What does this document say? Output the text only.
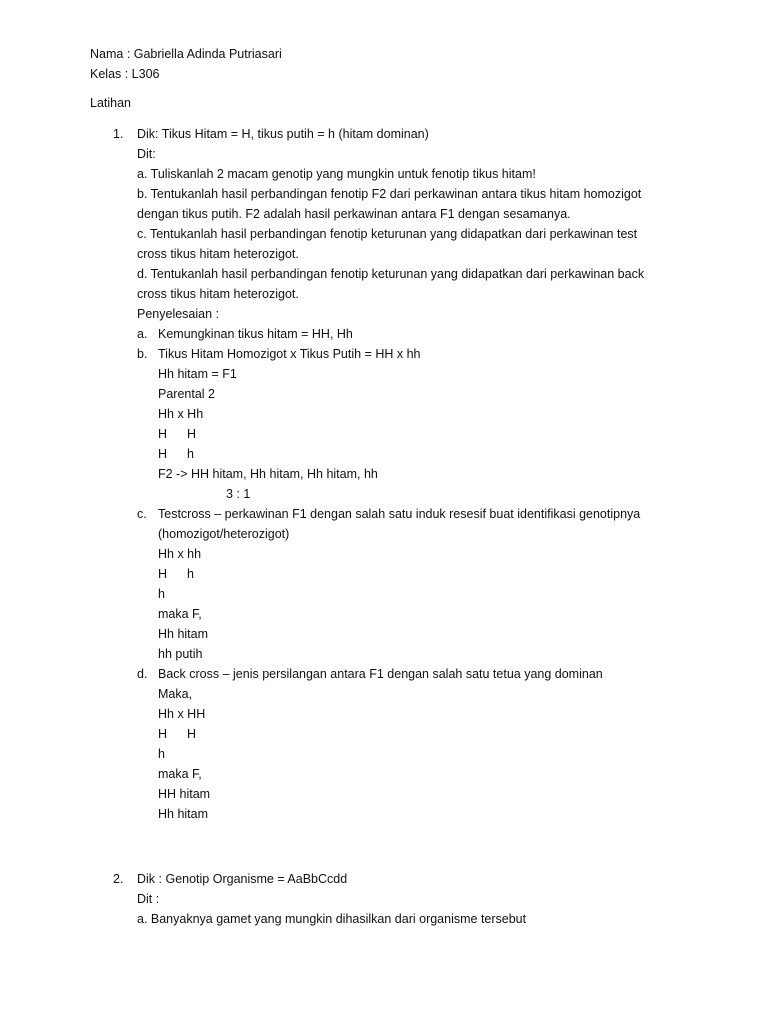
Nama : Gabriella Adinda Putriasari
Kelas : L306
Latihan
1. Dik: Tikus Hitam = H, tikus putih = h (hitam dominan)
Dit:
a. Tuliskanlah 2 macam genotip yang mungkin untuk fenotip tikus hitam!
b. Tentukanlah hasil perbandingan fenotip F2 dari perkawinan antara tikus hitam homozigot
dengan tikus putih. F2 adalah hasil perkawinan antara F1 dengan sesamanya.
c. Tentukanlah hasil perbandingan fenotip keturunan yang didapatkan dari perkawinan test
cross tikus hitam heterozigot.
d. Tentukanlah hasil perbandingan fenotip keturunan yang didapatkan dari perkawinan back
cross tikus hitam heterozigot.
Penyelesaian :
a. Kemungkinan tikus hitam = HH, Hh
b. Tikus Hitam Homozigot x Tikus Putih = HH x hh
Hh hitam = F1
Parental 2
Hh x Hh
H H
H h
F2 -> HH hitam, Hh hitam, Hh hitam, hh
3 : 1
c. Testcross – perkawinan F1 dengan salah satu induk resesif buat identifikasi genotipnya
(homozigot/heterozigot)
Hh x hh
H h
h
maka F,
Hh hitam
hh putih
d. Back cross – jenis persilangan antara F1 dengan salah satu tetua yang dominan
Maka,
Hh x HH
H H
h
maka F,
HH hitam
Hh hitam
2. Dik : Genotip Organisme = AaBbCcdd
Dit :
a. Banyaknya gamet yang mungkin dihasilkan dari organisme tersebut
